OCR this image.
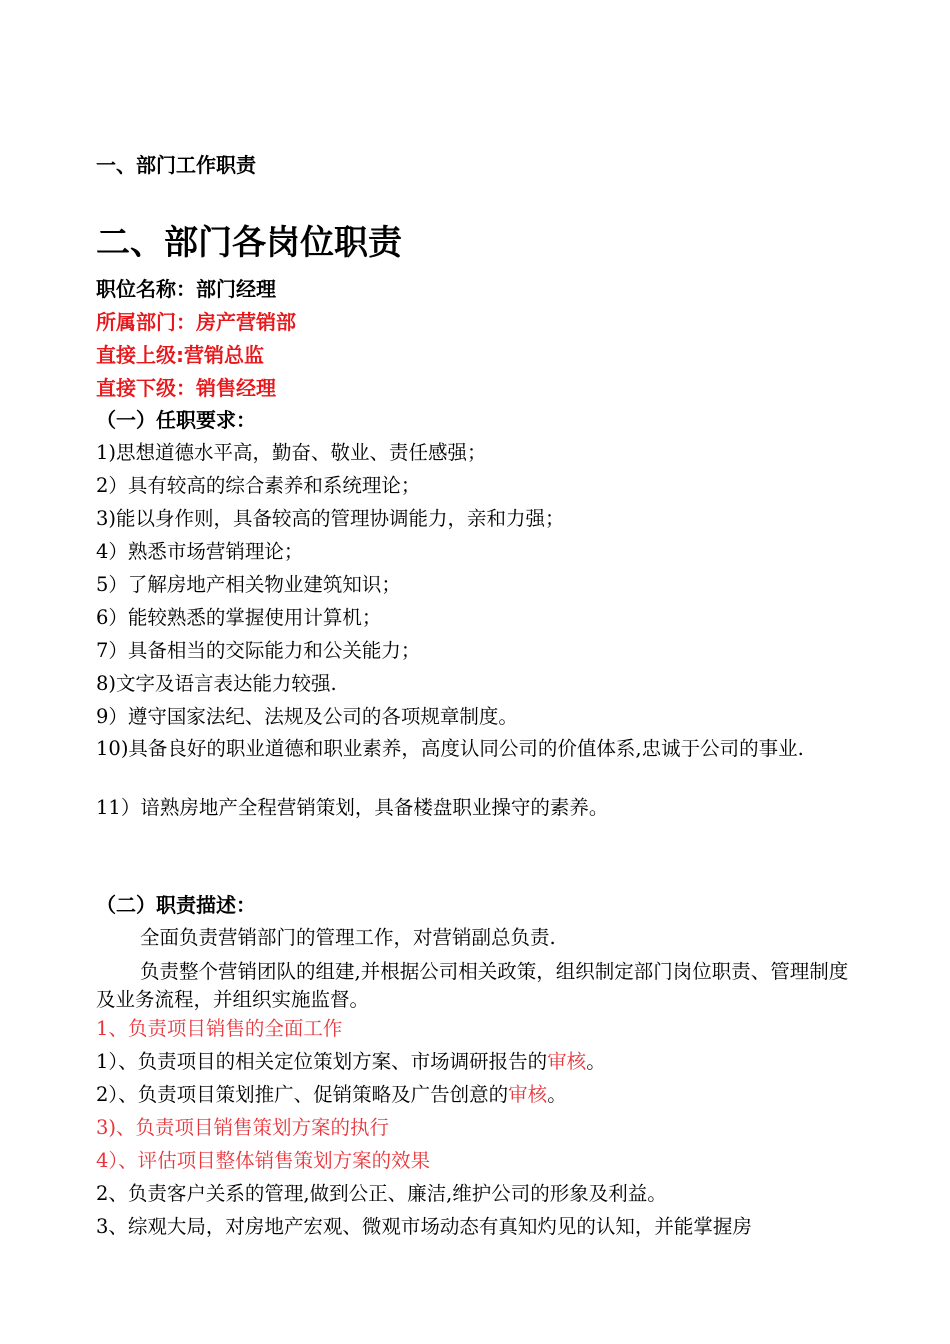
一、部门工作职责
二、部门各岗位职责
职位名称：部门经理
所属部门：房产营销部
直接上级:营销总监
直接下级：销售经理
（一）任职要求：
1)思想道德水平高，勤奋、敬业、责任感强；
2）具有较高的综合素养和系统理论；
3)能以身作则，具备较高的管理协调能力，亲和力强；
4）熟悉市场营销理论；
5）了解房地产相关物业建筑知识；
6）能较熟悉的掌握使用计算机；
7）具备相当的交际能力和公关能力；
8)文字及语言表达能力较强.
9）遵守国家法纪、法规及公司的各项规章制度。
10)具备良好的职业道德和职业素养，高度认同公司的价值体系,忠诚于公司的事业.
11）谙熟房地产全程营销策划，具备楼盘职业操守的素养。
（二）职责描述：
全面负责营销部门的管理工作，对营销副总负责.
负责整个营销团队的组建,并根据公司相关政策，组织制定部门岗位职责、管理制度及业务流程，并组织实施监督。
1、负责项目销售的全面工作
1）、负责项目的相关定位策划方案、市场调研报告的审核。
2）、负责项目策划推广、促销策略及广告创意的审核。
3)、负责项目销售策划方案的执行
4）、评估项目整体销售策划方案的效果
2、负责客户关系的管理,做到公正、廉洁,维护公司的形象及利益。
3、综观大局，对房地产宏观、微观市场动态有真知灼见的认知，并能掌握房
